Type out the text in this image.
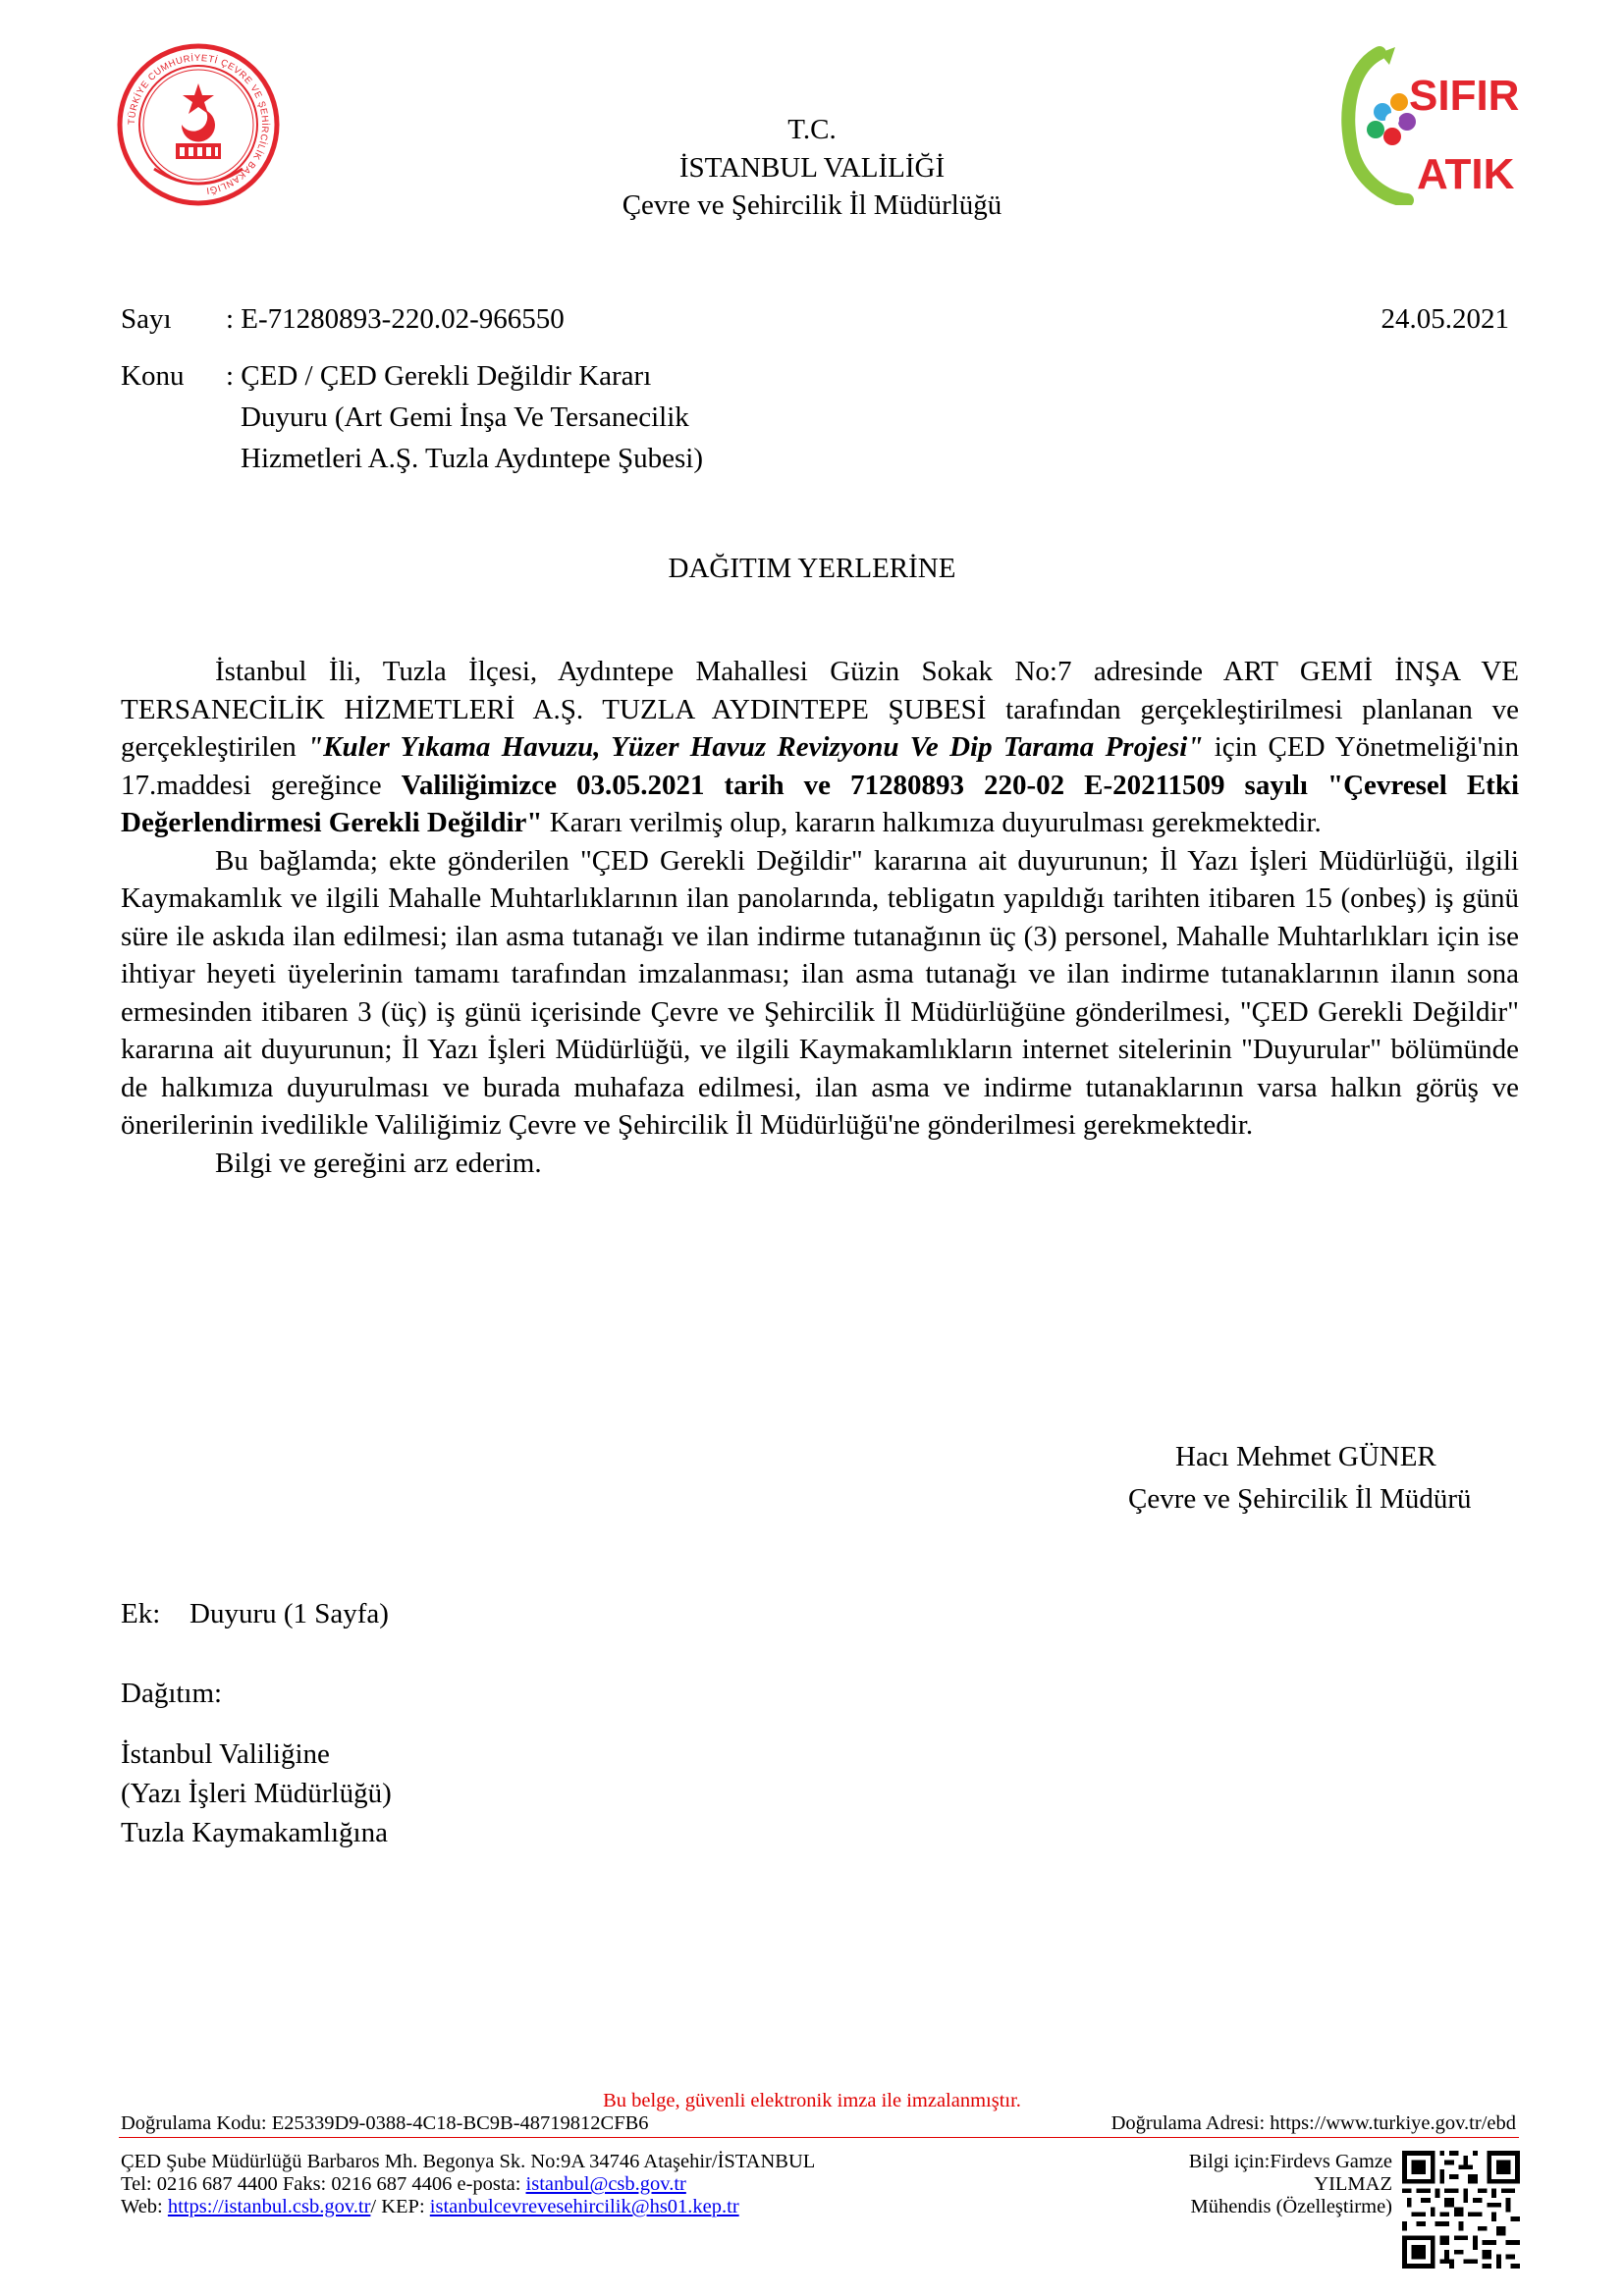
TÜRKİYE CUMHURİYETİ ÇEVRE VE ŞEHİRCİLİK BAKANLIĞI
T.C.
İSTANBUL VALİLİĞİ
Çevre ve Şehircilik İl Müdürlüğü
SIFIR
ATIK
Sayı : E-71280893-220.02-966550	24.05.2021
Konu : ÇED / ÇED Gerekli Değildir Kararı
Duyuru (Art Gemi İnşa Ve Tersanecilik
Hizmetleri A.Ş. Tuzla Aydıntepe Şubesi)
DAĞITIM YERLERİNE

İstanbul İli, Tuzla İlçesi, Aydıntepe Mahallesi Güzin Sokak No:7 adresinde ART GEMİ İNŞA VE TERSANECİLİK HİZMETLERİ A.Ş. TUZLA AYDINTEPE ŞUBESİ tarafından gerçekleştirilmesi planlanan ve gerçekleştirilen "Kuler Yıkama Havuzu, Yüzer Havuz Revizyonu Ve Dip Tarama Projesi" için ÇED Yönetmeliği'nin 17.maddesi gereğince Valiliğimizce 03.05.2021 tarih ve 71280893 220-02 E-20211509 sayılı "Çevresel Etki Değerlendirmesi Gerekli Değildir" Kararı verilmiş olup, kararın halkımıza duyurulması gerekmektedir.

Bu bağlamda; ekte gönderilen "ÇED Gerekli Değildir" kararına ait duyurunun; İl Yazı İşleri Müdürlüğü, ilgili Kaymakamlık ve ilgili Mahalle Muhtarlıklarının ilan panolarında, tebligatın yapıldığı tarihten itibaren 15 (onbeş) iş günü süre ile askıda ilan edilmesi; ilan asma tutanağı ve ilan indirme tutanağının üç (3) personel, Mahalle Muhtarlıkları için ise ihtiyar heyeti üyelerinin tamamı tarafından imzalanması; ilan asma tutanağı ve ilan indirme tutanaklarının ilanın sona ermesinden itibaren 3 (üç) iş günü içerisinde Çevre ve Şehircilik İl Müdürlüğüne gönderilmesi, "ÇED Gerekli Değildir" kararına ait duyurunun; İl Yazı İşleri Müdürlüğü, ve ilgili Kaymakamlıkların internet sitelerinin "Duyurular" bölümünde de halkımıza duyurulması ve burada muhafaza edilmesi, ilan asma ve indirme tutanaklarının varsa halkın görüş ve önerilerinin ivedilikle Valiliğimiz Çevre ve Şehircilik İl Müdürlüğü'ne gönderilmesi gerekmektedir.

Bilgi ve gereğini arz ederim.

Hacı Mehmet GÜNER
Çevre ve Şehircilik İl Müdürü
Ek: Duyuru (1 Sayfa)
Dağıtım:
İstanbul Valiliğine
(Yazı İşleri Müdürlüğü)
Tuzla Kaymakamlığına
Bu belge, güvenli elektronik imza ile imzalanmıştır.
Doğrulama Kodu: E25339D9-0388-4C18-BC9B-48719812CFB6	Doğrulama Adresi: https://www.turkiye.gov.tr/ebd
ÇED Şube Müdürlüğü Barbaros Mh. Begonya Sk. No:9A 34746 Ataşehir/İSTANBUL
Tel: 0216 687 4400 Faks: 0216 687 4406 e-posta: istanbul@csb.gov.tr
Web: https://istanbul.csb.gov.tr/ KEP: istanbulcevrevesehircilik@hs01.kep.tr
Bilgi için:Firdevs Gamze
YILMAZ
Mühendis (Özelleştirme)
